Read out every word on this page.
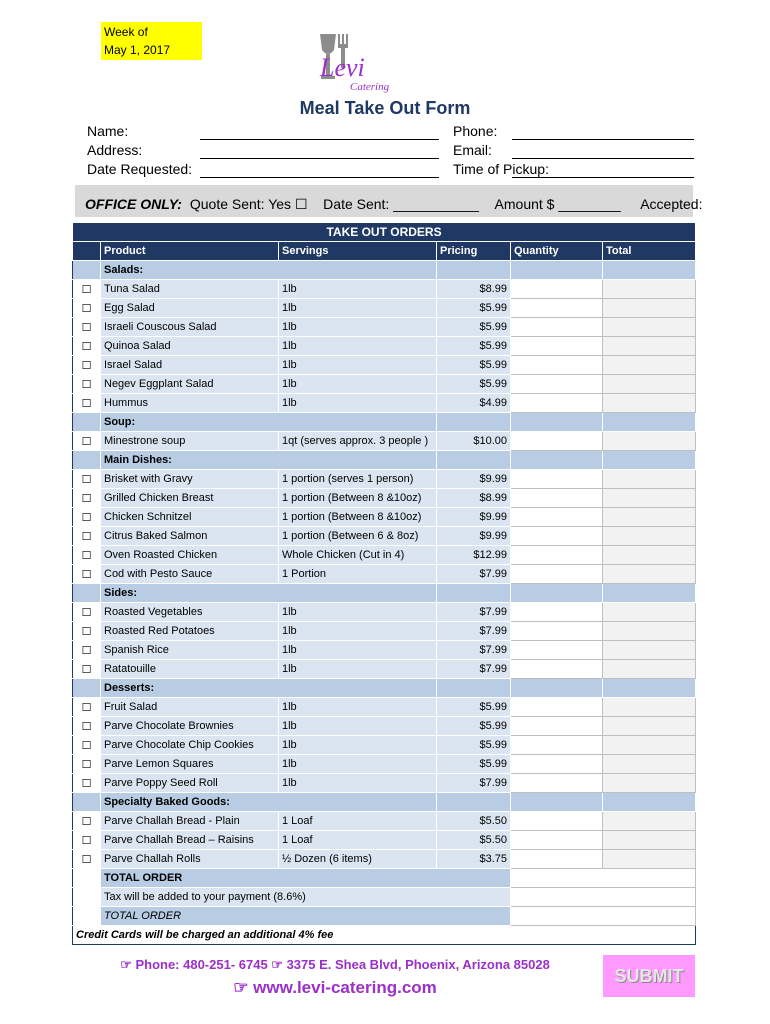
Week of
May 1, 2017
Levi
Catering
Meal Take Out Form
Name:
Address:
Date Requested:
Phone:
Email:
Time of Pickup:
OFFICE ONLY: Quote Sent: Yes ☐ Date Sent: ___________ Amount $ ________ Accepted:
TAKE OUT ORDERS					
	Product	Servings	Pricing	Quantity	Total
	Salads:				
☐	Tuna Salad	1lb	$8.99		
☐	Egg Salad	1lb	$5.99		
☐	Israeli Couscous Salad	1lb	$5.99		
☐	Quinoa Salad	1lb	$5.99		
☐	Israel Salad	1lb	$5.99		
☐	Negev Eggplant Salad	1lb	$5.99		
☐	Hummus	1lb	$4.99		
	Soup:				
☐	Minestrone soup	1qt (serves approx. 3 people )	$10.00		
	Main Dishes:				
☐	Brisket with Gravy	1 portion (serves 1 person)	$9.99		
☐	Grilled Chicken Breast	1 portion (Between 8 &10oz)	$8.99		
☐	Chicken Schnitzel	1 portion (Between 8 &10oz)	$9.99		
☐	Citrus Baked Salmon	1 portion (Between 6 & 8oz)	$9.99		
☐	Oven Roasted Chicken	Whole Chicken (Cut in 4)	$12.99		
☐	Cod with Pesto Sauce	1 Portion	$7.99		
	Sides:				
☐	Roasted Vegetables	1lb	$7.99		
☐	Roasted Red Potatoes	1lb	$7.99		
☐	Spanish Rice	1lb	$7.99		
☐	Ratatouille	1lb	$7.99		
	Desserts:				
☐	Fruit Salad	1lb	$5.99		
☐	Parve Chocolate Brownies	1lb	$5.99		
☐	Parve Chocolate Chip Cookies	1lb	$5.99		
☐	Parve Lemon Squares	1lb	$5.99		
☐	Parve Poppy Seed Roll	1lb	$7.99		
	Specialty Baked Goods:				
☐	Parve Challah Bread - Plain	1 Loaf	$5.50		
☐	Parve Challah Bread – Raisins	1 Loaf	$5.50		
☐	Parve Challah Rolls	½ Dozen (6 items)	$3.75		
	TOTAL ORDER				
	Tax will be added to your payment (8.6%)				
	TOTAL ORDER				
Credit Cards will be charged an additional 4% fee					
☞ Phone: 480-251- 6745 ☞ 3375 E. Shea Blvd, Phoenix, Arizona 85028
☞ www.levi-catering.com
SUBMIT
